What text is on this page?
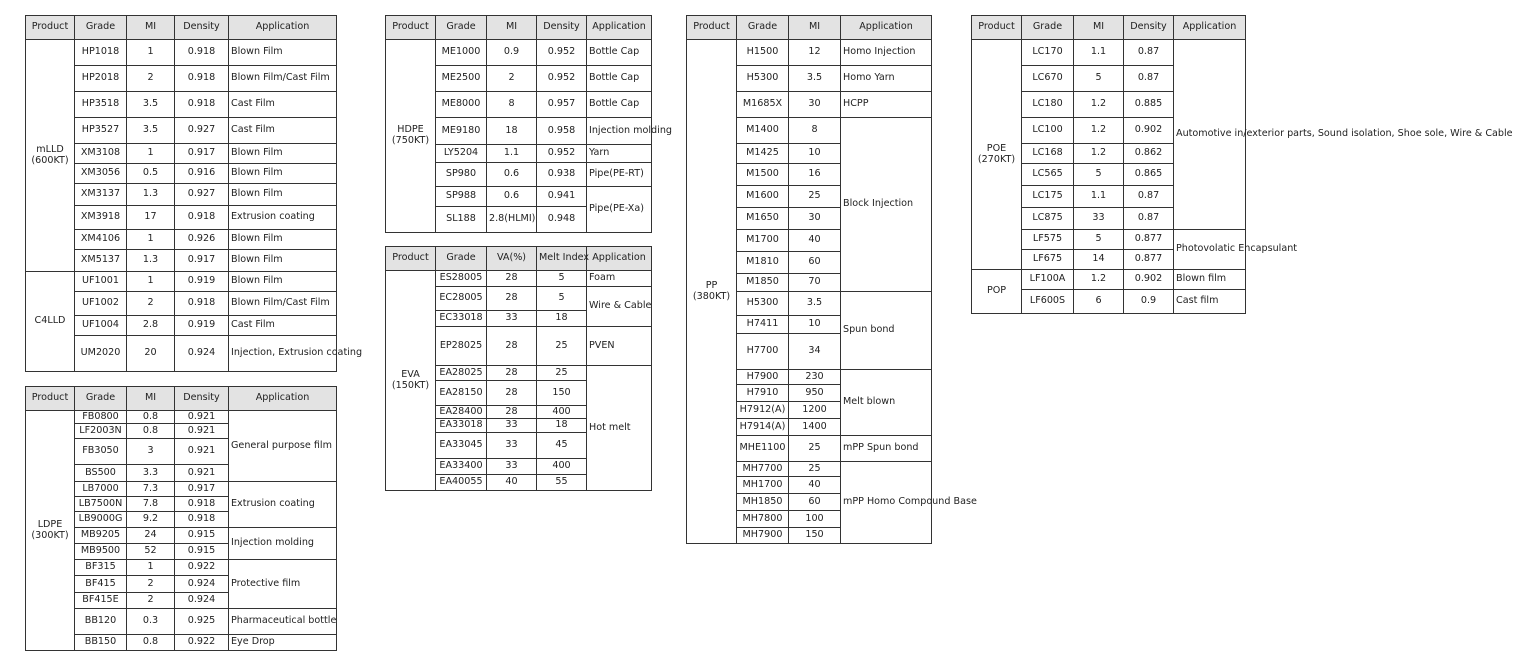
Product	Grade	MI	Density	Application
mLLD
(600KT)	HP1018	1	0.918	Blown Film
	HP2018	2	0.918	Blown Film/Cast Film
	HP3518	3.5	0.918	Cast Film
	HP3527	3.5	0.927	Cast Film
	XM3108	1	0.917	Blown Film
	XM3056	0.5	0.916	Blown Film
	XM3137	1.3	0.927	Blown Film
	XM3918	17	0.918	Extrusion coating
	XM4106	1	0.926	Blown Film
	XM5137	1.3	0.917	Blown Film
C4LLD	UF1001	1	0.919	Blown Film
	UF1002	2	0.918	Blown Film/Cast Film
	UF1004	2.8	0.919	Cast Film
	UM2020	20	0.924	Injection, Extrusion coating
Product	Grade	MI	Density	Application
LDPE
(300KT)	FB0800	0.8	0.921	General purpose film
	LF2003N	0.8	0.921	
	FB3050	3	0.921	
	BS500	3.3	0.921	
	LB7000	7.3	0.917	Extrusion coating
	LB7500N	7.8	0.918	
	LB9000G	9.2	0.918	
	MB9205	24	0.915	Injection molding
	MB9500	52	0.915	
	BF315	1	0.922	Protective film
	BF415	2	0.924	
	BF415E	2	0.924	
	BB120	0.3	0.925	Pharmaceutical bottle
	BB150	0.8	0.922	Eye Drop
Product	Grade	MI	Density	Application
HDPE
(750KT)	ME1000	0.9	0.952	Bottle Cap
	ME2500	2	0.952	Bottle Cap
	ME8000	8	0.957	Bottle Cap
	ME9180	18	0.958	Injection molding
	LY5204	1.1	0.952	Yarn
	SP980	0.6	0.938	Pipe(PE-RT)
	SP988	0.6	0.941	Pipe(PE-Xa)
	SL188	2.8(HLMI)	0.948	
Product	Grade	VA(%)	Melt Index	Application
EVA
(150KT)	ES28005	28	5	Foam
	EC28005	28	5	Wire & Cable
	EC33018	33	18	
	EP28025	28	25	PVEN
	EA28025	28	25	Hot melt
	EA28150	28	150	
	EA28400	28	400	
	EA33018	33	18	
	EA33045	33	45	
	EA33400	33	400	
	EA40055	40	55	
Product	Grade	MI	Application
PP
(380KT)	H1500	12	Homo Injection
	H5300	3.5	Homo Yarn
	M1685X	30	HCPP
	M1400	8	Block Injection
	M1425	10	
	M1500	16	
	M1600	25	
	M1650	30	
	M1700	40	
	M1810	60	
	M1850	70	
	H5300	3.5	Spun bond
	H7411	10	
	H7700	34	
	H7900	230	Melt blown
	H7910	950	
	H7912(A)	1200	
	H7914(A)	1400	
	MHE1100	25	mPP Spun bond
	MH7700	25	mPP Homo Compound Base
	MH1700	40	
	MH1850	60	
	MH7800	100	
	MH7900	150	
Product	Grade	MI	Density	Application
POE
(270KT)	LC170	1.1	0.87	Automotive in/exterior parts, Sound isolation, Shoe sole, Wire & Cable
	LC670	5	0.87	
	LC180	1.2	0.885	
	LC100	1.2	0.902	
	LC168	1.2	0.862	
	LC565	5	0.865	
	LC175	1.1	0.87	
	LC875	33	0.87	
	LF575	5	0.877	Photovolatic Encapsulant
	LF675	14	0.877	
POP	LF100A	1.2	0.902	Blown film
	LF600S	6	0.9	Cast film
